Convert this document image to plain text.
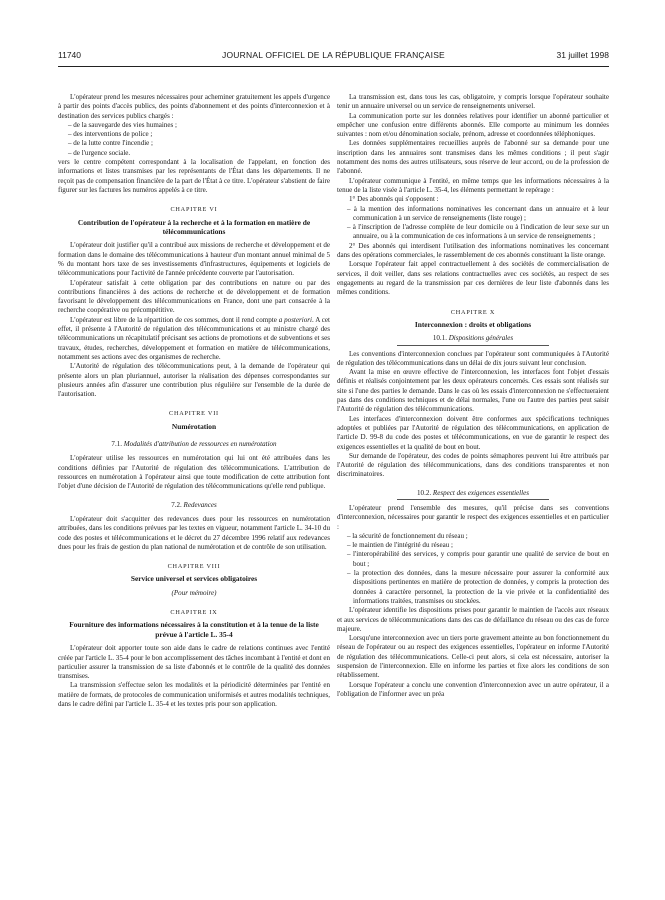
11740	JOURNAL OFFICIEL DE LA RÉPUBLIQUE FRANÇAISE	31 juillet 1998

L'opérateur prend les mesures nécessaires pour acheminer gratuitement les appels d'urgence à partir des points d'accès publics, des points d'abonnement et des points d'interconnexion et à destination des services publics chargés :

– de la sauvegarde des vies humaines ;

– des interventions de police ;

– de la lutte contre l'incendie ;

– de l'urgence sociale.

vers le centre compétent correspondant à la localisation de l'appelant, en fonction des informations et listes transmises par les représentants de l'État dans les départements. Il ne reçoit pas de compensation financière de la part de l'État à ce titre. L'opérateur s'abstient de faire figurer sur les factures les numéros appelés à ce titre.

CHAPITRE VI
Contribution de l'opérateur à la recherche et à la formation en matière de télécommunications

L'opérateur doit justifier qu'il a contribué aux missions de recherche et développement et de formation dans le domaine des télécommunications à hauteur d'un montant annuel minimal de 5 % du montant hors taxe de ses investissements d'infrastructures, équipements et logiciels de télécommunications pour l'activité de l'année précédente couverte par l'autorisation.

L'opérateur satisfait à cette obligation par des contributions en nature ou par des contributions financières à des actions de recherche et de développement et de formation favorisant le développement des télécommunications en France, dont une part consacrée à la recherche coopérative ou précompétitive.

L'opérateur est libre de la répartition de ces sommes, dont il rend compte a posteriori. A cet effet, il présente à l'Autorité de régulation des télécommunications et au ministre chargé des télécommunications un récapitulatif précisant ses actions de promotions et de subventions et ses travaux, études, recherches, développement et formation en matière de télécommunications, notamment ses actions avec des organismes de recherche.

L'Autorité de régulation des télécommunications peut, à la demande de l'opérateur qui présente alors un plan pluriannuel, autoriser la réalisation des dépenses correspondantes sur plusieurs années afin d'assurer une contribution plus régulière sur l'ensemble de la durée de l'autorisation.

CHAPITRE VII
Numérotation
7.1. Modalités d'attribution de ressources en numérotation

L'opérateur utilise les ressources en numérotation qui lui ont été attribuées dans les conditions définies par l'Autorité de régulation des télécommunications. L'attribution de ressources en numérotation à l'opérateur ainsi que toute modification de cette attribution font l'objet d'une décision de l'Autorité de régulation des télécommunications qu'elle rend publique.

7.2. Redevances

L'opérateur doit s'acquitter des redevances dues pour les ressources en numérotation attribuées, dans les conditions prévues par les textes en vigueur, notamment l'article L. 34-10 du code des postes et télécommunications et le décret du 27 décembre 1996 relatif aux redevances dues pour les frais de gestion du plan national de numérotation et de contrôle de son utilisation.

CHAPITRE VIII
Service universel et services obligatoires
(Pour mémoire)
CHAPITRE IX
Fourniture des informations nécessaires à la constitution et à la tenue de la liste prévue à l'article L. 35-4

L'opérateur doit apporter toute son aide dans le cadre de relations continues avec l'entité créée par l'article L. 35-4 pour le bon accomplissement des tâches incombant à l'entité et dont en particulier assurer la transmission de sa liste d'abonnés et le contrôle de la qualité des données transmises.

La transmission s'effectue selon les modalités et la périodicité déterminées par l'entité en matière de formats, de protocoles de communication uniformisés et autres modalités techniques, dans le cadre défini par l'article L. 35-4 et les textes pris pour son application.

La transmission est, dans tous les cas, obligatoire, y compris lorsque l'opérateur souhaite tenir un annuaire universel ou un service de renseignements universel.

La communication porte sur les données relatives pour identifier un abonné particulier et empêcher une confusion entre différents abonnés. Elle comporte au minimum les données suivantes : nom et/ou dénomination sociale, prénom, adresse et coordonnées téléphoniques.

Les données supplémentaires recueillies auprès de l'abonné sur sa demande pour une inscription dans les annuaires sont transmises dans les mêmes conditions ; il peut s'agir notamment des noms des autres utilisateurs, sous réserve de leur accord, ou de la profession de l'abonné.

L'opérateur communique à l'entité, en même temps que les informations nécessaires à la tenue de la liste visée à l'article L. 35-4, les éléments permettant le repérage :

1° Des abonnés qui s'opposent :

– à la mention des informations nominatives les concernant dans un annuaire et à leur communication à un service de renseignements (liste rouge) ;

– à l'inscription de l'adresse complète de leur domicile ou à l'indication de leur sexe sur un annuaire, ou à la communication de ces informations à un service de renseignements ;

2° Des abonnés qui interdisent l'utilisation des informations nominatives les concernant dans des opérations commerciales, le rassemblement de ces abonnés constituant la liste orange.

Lorsque l'opérateur fait appel contractuellement à des sociétés de commercialisation de services, il doit veiller, dans ses relations contractuelles avec ces sociétés, au respect de ses engagements au regard de la transmission par ces dernières de leur liste d'abonnés dans les mêmes conditions.

CHAPITRE X
Interconnexion : droits et obligations
10.1. Dispositions générales

Les conventions d'interconnexion conclues par l'opérateur sont communiquées à l'Autorité de régulation des télécommunications dans un délai de dix jours suivant leur conclusion.

Avant la mise en œuvre effective de l'interconnexion, les interfaces font l'objet d'essais définis et réalisés conjointement par les deux opérateurs concernés. Ces essais sont réalisés sur site si l'une des parties le demande. Dans le cas où les essais d'interconnexion ne s'effectueraient pas dans des conditions techniques et de délai normales, l'une ou l'autre des parties peut saisir l'Autorité de régulation des télécommunications.

Les interfaces d'interconnexion doivent être conformes aux spécifications techniques adoptées et publiées par l'Autorité de régulation des télécommunications, en application de l'article D. 99-8 du code des postes et télécommunications, en vue de garantir le respect des exigences essentielles et la qualité de bout en bout.

Sur demande de l'opérateur, des codes de points sémaphores peuvent lui être attribués par l'Autorité de régulation des télécommunications, dans des conditions transparentes et non discriminatoires.

10.2. Respect des exigences essentielles

L'opérateur prend l'ensemble des mesures, qu'il précise dans ses conventions d'interconnexion, nécessaires pour garantir le respect des exigences essentielles et en particulier :

– la sécurité de fonctionnement du réseau ;

– le maintien de l'intégrité du réseau ;

– l'interopérabilité des services, y compris pour garantir une qualité de service de bout en bout ;

– la protection des données, dans la mesure nécessaire pour assurer la conformité aux dispositions pertinentes en matière de protection de données, y compris la protection des données à caractère personnel, la protection de la vie privée et la confidentialité des informations traitées, transmises ou stockées.

L'opérateur identifie les dispositions prises pour garantir le maintien de l'accès aux réseaux et aux services de télécommunications dans des cas de défaillance du réseau ou des cas de force majeure.

Lorsqu'une interconnexion avec un tiers porte gravement atteinte au bon fonctionnement du réseau de l'opérateur ou au respect des exigences essentielles, l'opérateur en informe l'Autorité de régulation des télécommunications. Celle-ci peut alors, si cela est nécessaire, autoriser la suspension de l'interconnexion. Elle en informe les parties et fixe alors les conditions de son rétablissement.

Lorsque l'opérateur a conclu une convention d'interconnexion avec un autre opérateur, il a l'obligation de l'informer avec un préa
